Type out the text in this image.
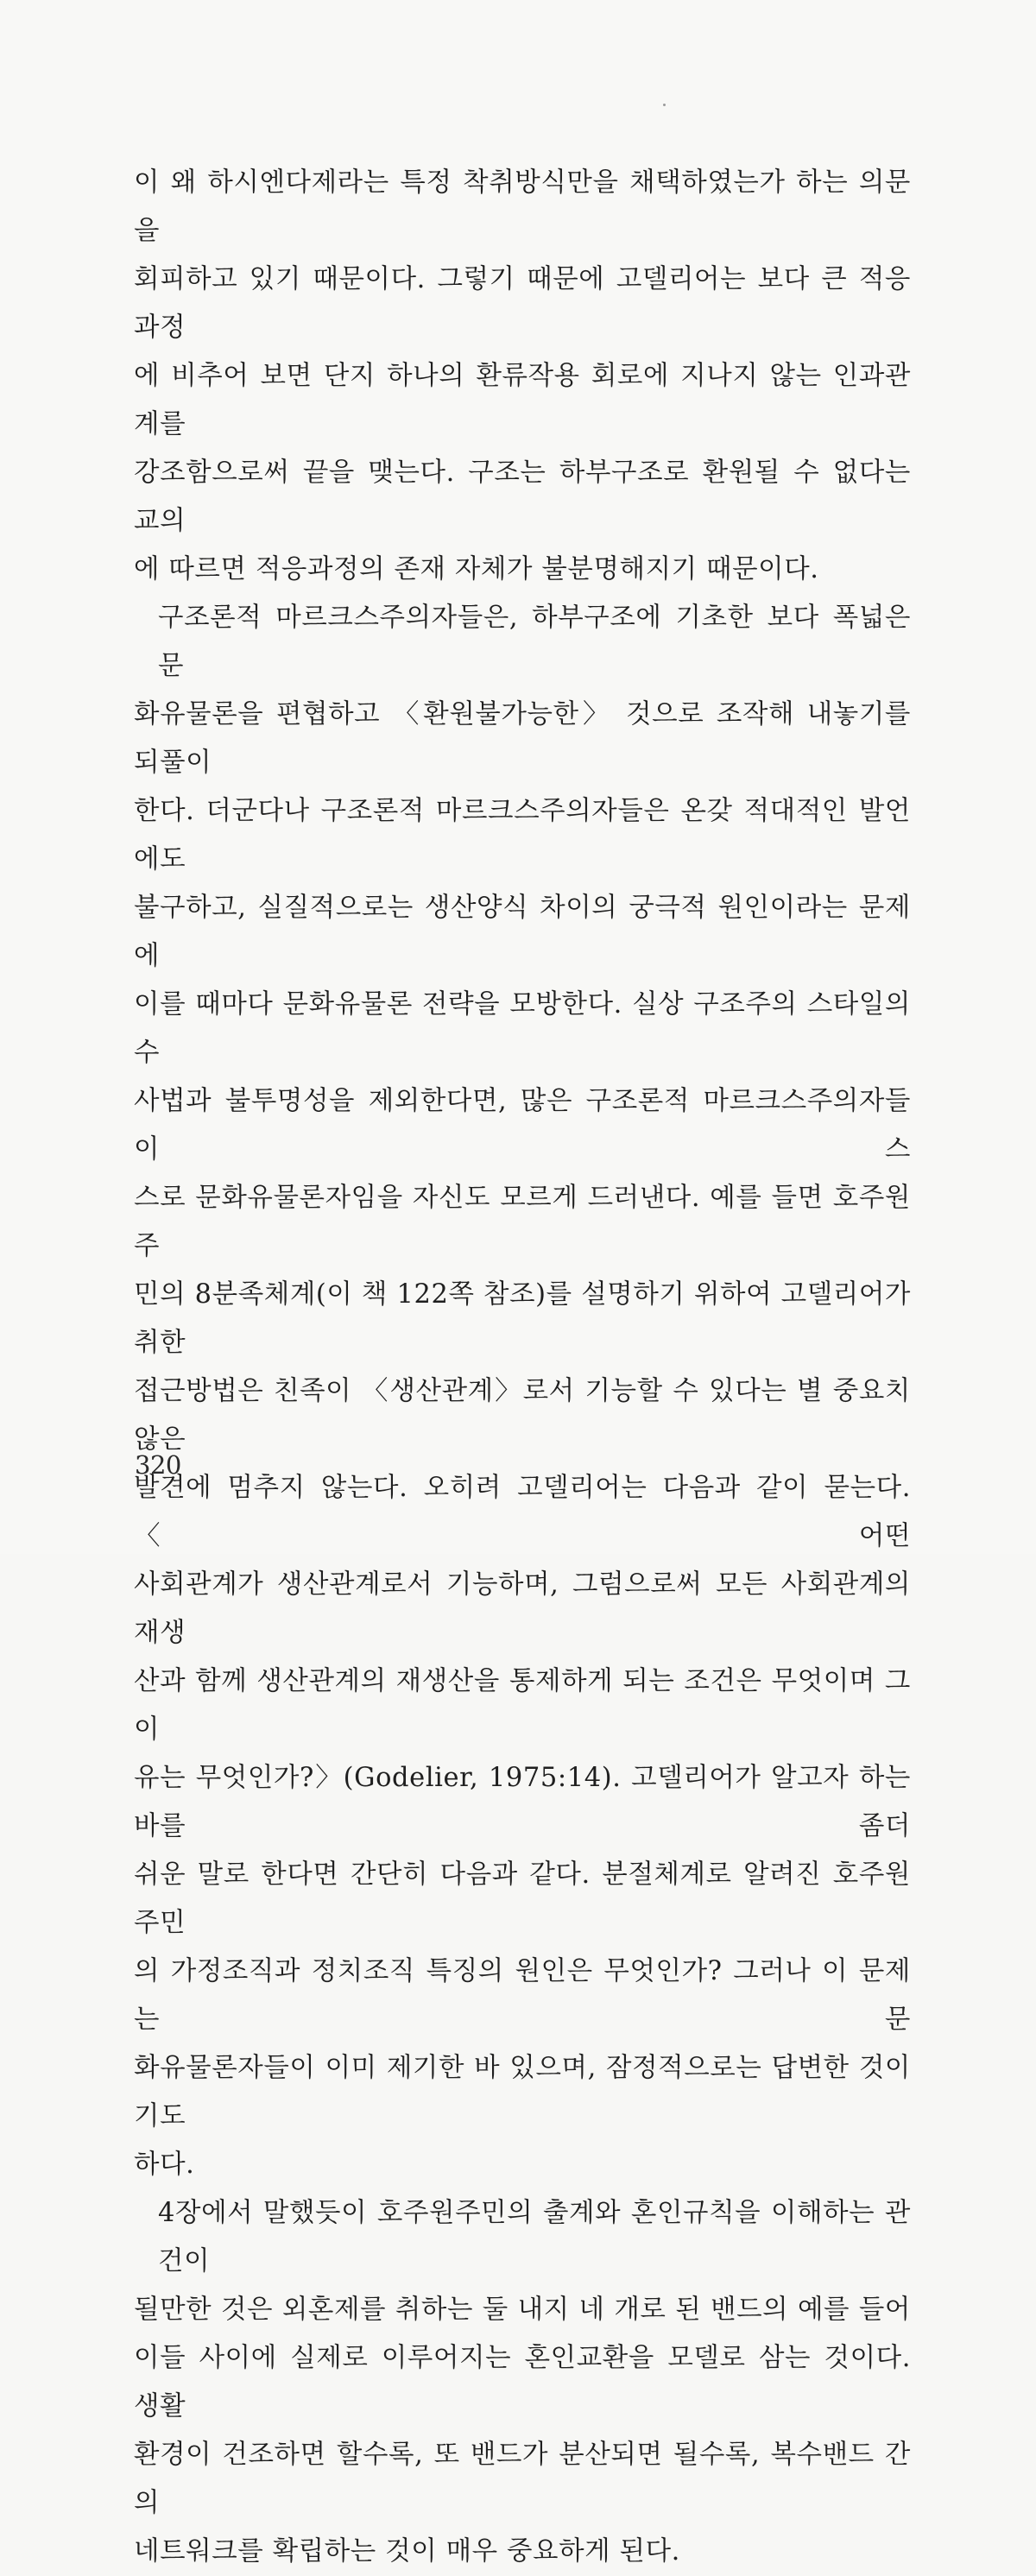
이 왜 하시엔다제라는 특정 착취방식만을 채택하였는가 하는 의문을
회피하고 있기 때문이다. 그렇기 때문에 고델리어는 보다 큰 적응과정
에 비추어 보면 단지 하나의 환류작용 회로에 지나지 않는 인과관계를
강조함으로써 끝을 맺는다. 구조는 하부구조로 환원될 수 없다는 교의
에 따르면 적응과정의 존재 자체가 불분명해지기 때문이다.
구조론적 마르크스주의자들은, 하부구조에 기초한 보다 폭넓은 문
화유물론을 편협하고 〈환원불가능한〉 것으로 조작해 내놓기를 되풀이
한다. 더군다나 구조론적 마르크스주의자들은 온갖 적대적인 발언에도
불구하고, 실질적으로는 생산양식 차이의 궁극적 원인이라는 문제에
이를 때마다 문화유물론 전략을 모방한다. 실상 구조주의 스타일의 수
사법과 불투명성을 제외한다면, 많은 구조론적 마르크스주의자들이 스
스로 문화유물론자임을 자신도 모르게 드러낸다. 예를 들면 호주원주
민의 8분족체계(이 책 122쪽 참조)를 설명하기 위하여 고델리어가 취한
접근방법은 친족이 〈생산관계〉로서 기능할 수 있다는 별 중요치 않은
발견에 멈추지 않는다. 오히려 고델리어는 다음과 같이 묻는다. 〈어떤
사회관계가 생산관계로서 기능하며, 그럼으로써 모든 사회관계의 재생
산과 함께 생산관계의 재생산을 통제하게 되는 조건은 무엇이며 그 이
유는 무엇인가?〉(Godelier, 1975:14). 고델리어가 알고자 하는 바를 좀더
쉬운 말로 한다면 간단히 다음과 같다. 분절체계로 알려진 호주원주민
의 가정조직과 정치조직 특징의 원인은 무엇인가? 그러나 이 문제는 문
화유물론자들이 이미 제기한 바 있으며, 잠정적으로는 답변한 것이기도
하다.
4장에서 말했듯이 호주원주민의 출계와 혼인규칙을 이해하는 관건이
될만한 것은 외혼제를 취하는 둘 내지 네 개로 된 밴드의 예를 들어
이들 사이에 실제로 이루어지는 혼인교환을 모델로 삼는 것이다. 생활
환경이 건조하면 할수록, 또 밴드가 분산되면 될수록, 복수밴드 간의
네트워크를 확립하는 것이 매우 중요하게 된다.
320
